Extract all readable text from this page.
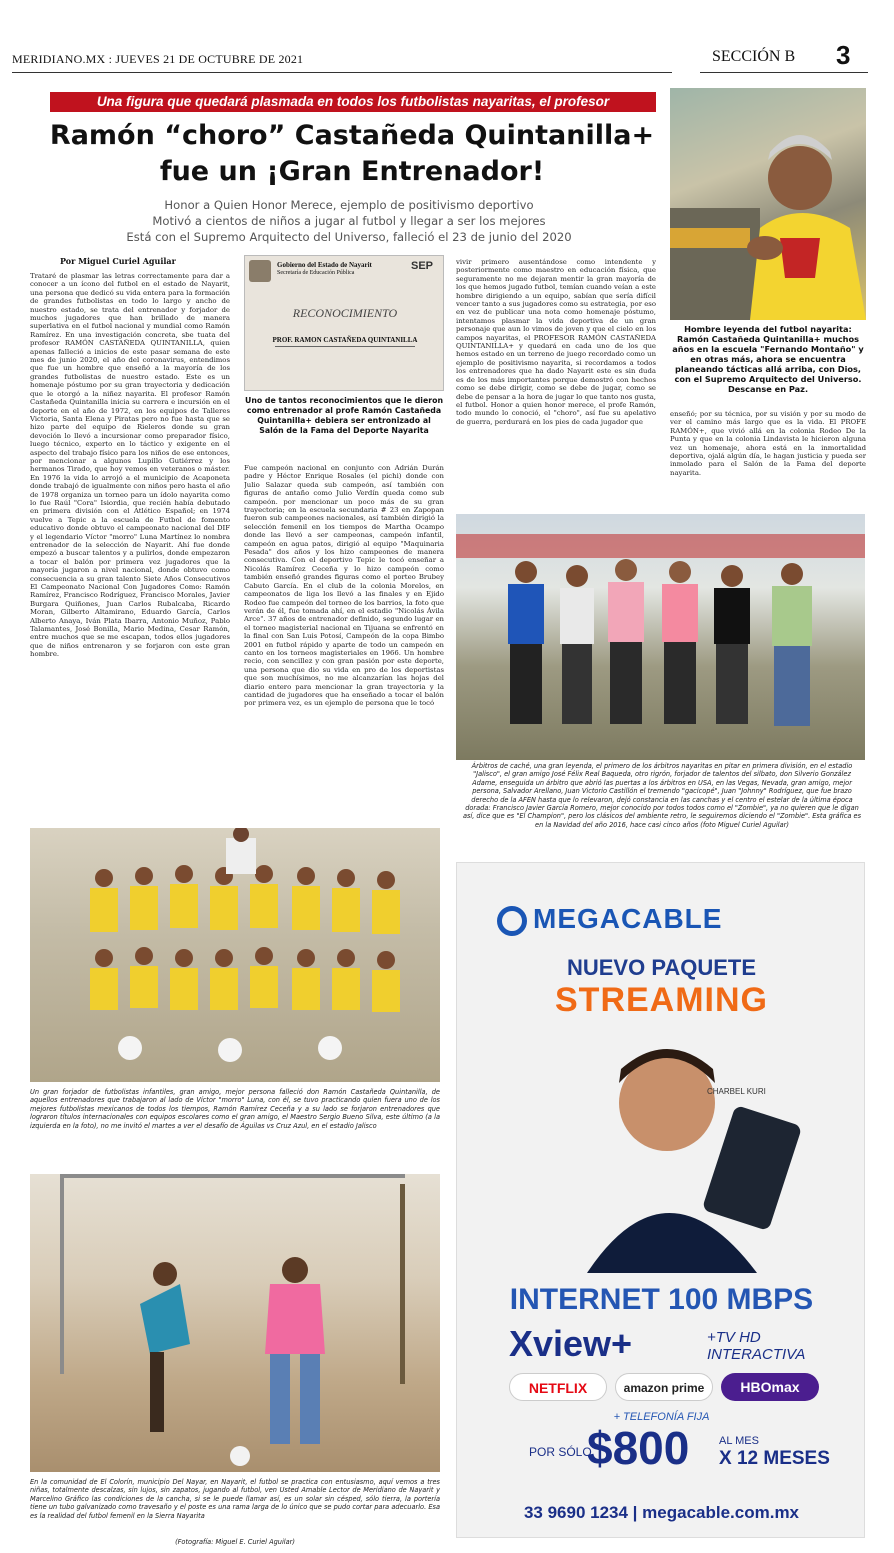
MERIDIANO.MX : JUEVES 21 DE OCTUBRE DE 2021	SECCIÓN B 3
Una figura que quedará plasmada en todos los futbolistas nayaritas, el profesor
Ramón “choro” Castañeda Quintanilla+
fue un ¡Gran Entrenador!
Honor a Quien Honor Merece, ejemplo de positivismo deportivo
Motivó a cientos de niños a jugar al futbol y llegar a ser los mejores
Está con el Supremo Arquitecto del Universo, falleció el 23 de junio del 2020
Hombre leyenda del futbol nayarita: Ramón Castañeda Quintanilla+ muchos años en la escuela "Fernando Montaño" y en otras más, ahora se encuentra planeando tácticas allá arriba, con Dios, con el Supremo Arquitecto del Universo. Descanse en Paz.
Por Miguel Curiel Aguilar
Trataré de plasmar las letras correctamente para dar a conocer a un ícono del futbol en el estado de Nayarit, una persona que dedicó su vida entera para la formación de grandes futbolistas en todo lo largo y ancho de nuestro estado, se trata del entrenador y forjador de muchos jugadores que han brillado de manera superlativa en el futbol nacional y mundial como Ramón Ramírez. En una investigación concreta, sbe tuata del profesor RAMÓN CASTAÑEDA QUINTANILLA, quien apenas falleció a inicios de este pasar semana de este mes de junio 2020, el año del coronavirus, entendimos que fue un hombre que enseñó a la mayoría de los grandes futbolistas de nuestro estado. Este es un homenaje póstumo por su gran trayectoria y dedicación que le otorgó a la niñez nayarita. El profesor Ramón Castañeda Quintanilla inicia su carrera e incursión en el deporte en el año de 1972, en los equipos de Talleres Victoria, Santa Elena y Piratas pero no fue hasta que se hizo parte del equipo de Rieleros donde su gran devoción lo llevó a incursionar como preparador físico, luego técnico, experto en lo táctico y exigente en el aspecto del trabajo físico para los niños de ese entonces, por mencionar a algunos Lupillo Gutiérrez y los hermanos Tirado, que hoy vemos en veteranos o máster. En 1976 la vida lo arrojó a el municipio de Acaponeta donde trabajó de igualmente con niños pero hasta el año de 1978 organiza un torneo para un ídolo nayarita como lo fue Raúl "Cora" Isiordia, que recién había debutado en primera división con el Atlético Español; en 1974 vuelve a Tepic a la escuela de Futbol de fomento educativo donde obtuvo el campeonato nacional del DIF y el legendario Víctor "morro" Luna Martínez lo nombra entrenador de la selección de Nayarit. Ahí fue donde empezó a buscar talentos y a pulirlos, donde empezaron a tocar el balón por primera vez jugadores que la mayoría jugaron a nivel nacional, donde obtuvo como consecuencia a su gran talento Siete Años Consecutivos El Campeonato Nacional Con Jugadores Como: Ramón Ramírez, Francisco Rodríguez, Francisco Morales, Javier Burgara Quiñones, Juan Carlos Rubalcaba, Ricardo Moran, Gilberto Altamirano, Eduardo García, Carlos Alberto Anaya, Iván Plata Ibarra, Antonio Muñoz, Pablo Talamantes, José Bonilla, Mario Medina, Cesar Ramón, entre muchos que se me escapan, todos ellos jugadores que de niños entrenaron y se forjaron con este gran hombre.
Gobierno del Estado de Nayarit
Secretaría de Educación Pública
SEP
RECONOCIMIENTO
PROF. RAMON CASTAÑEDA QUINTANILLA
Uno de tantos reconocimientos que le dieron como entrenador al profe Ramón Castañeda Quintanilla+ debiera ser entronizado al Salón de la Fama del Deporte Nayarita
Fue campeón nacional en conjunto con Adrián Durán padre y Héctor Enrique Rosales (el pichi) donde con Julio Salazar queda sub campeón, así también con figuras de antaño como Julio Verdín queda como sub campeón. por mencionar un poco más de su gran trayectoria; en la escuela secundaria # 23 en Zapopan fueron sub campeones nacionales, así también dirigió la selección femenil en los tiempos de Martha Ocampo donde las llevó a ser campeonas, campeón infantil, campeón en agua patos, dirigió al equipo "Maquinaria Pesada" dos años y los hizo campeones de manera consecutiva. Con el deportivo Tepic le tocó enseñar a Nicolás Ramírez Ceceña y lo hizo campeón como también enseñó grandes figuras como el porteo Brubey Cabuto García. En el club de la colonia Morelos, en campeonatos de liga los llevó a las finales y en Ejido Rodeo fue campeón del torneo de los barrios, la foto que verán de él, fue tomada ahí, en el estadio "Nicolás Ávila Arce". 37 años de entrenador definido, segundo lugar en el torneo magisterial nacional en Tijuana se enfrentó en la final con San Luis Potosí, Campeón de la copa Bimbo 2001 en futbol rápido y aparte de todo un campeón en canto en los torneos magisteriales en 1966. Un hombre recio, con sencillez y con gran pasión por este deporte, una persona que dio su vida en pro de los deportistas que son muchísimos, no me alcanzarían las hojas del diario entero para mencionar la gran trayectoria y la cantidad de jugadores que ha enseñado a tocar el balón por primera vez, es un ejemplo de persona que le tocó
vivir primero ausentándose como intendente y posteriormente como maestro en educación física, que seguramente no me dejaran mentir la gran mayoría de los que hemos jugado futbol, temían cuando veían a este hombre dirigiendo a un equipo, sabían que sería difícil vencer tanto a sus jugadores como su estrategia, por eso en vez de publicar una nota como homenaje póstumo, intentamos plasmar la vida deportiva de un gran personaje que aun lo vimos de joven y que el cielo en los campos nayaritas, el PROFESOR RAMÓN CASTAÑEDA QUINTANILLA+ y quedará en cada uno de los que hemos estado en un terreno de juego recordado como un ejemplo de positivismo nayarita, si recordamos a todos los entrenadores que ha dado Nayarit este es sin duda es de los más importantes porque demostró con hechos como se debe dirigir, como se debe de jugar, como se debe de pensar a la hora de jugar lo que tanto nos gusta, el futbol. Honor a quien honor merece, el profe Ramón, todo mundo lo conoció, el "choro", así fue su apelativo de guerra, perdurará en los pies de cada jugador que
enseñó; por su técnica, por su visión y por su modo de ver el camino más largo que es la vida. El PROFE RAMÓN+, que vivió allá en la colonia Rodeo De la Punta y que en la colonia Lindavista le hicieron alguna vez un homenaje, ahora está en la inmortalidad deportiva, ojalá algún día, le hagan justicia y pueda ser inmolado para el Salón de la Fama del deporte nayarita.
Árbitros de caché, una gran leyenda, el primero de los árbitros nayaritas en pitar en primera división, en el estadio "Jalisco", el gran amigo José Félix Real Baqueda, otro rigrón, forjador de talentos del silbato, don Silverio González Adame, enseguida un árbitro que abrió las puertas a los árbitros en USA, en las Vegas, Nevada, gran amigo, mejor persona, Salvador Arellano, Juan Victorio Castillón el tremendo "gacicopé", Juan "Johnny" Rodríguez, que fue brazo derecho de la AFEN hasta que lo relevaron, dejó constancia en las canchas y el centro el estelar de la última época dorada: Francisco Javier García Romero, mejor conocido por todos todos como el "Zombie", ya no quieren que le digan así, dice que es "El Champion", pero los clásicos del ambiente retro, le seguiremos diciendo el "Zombie". Esta gráfica es en la Navidad del año 2016, hace casi cinco años (foto Miguel Curiel Aguilar)
Un gran forjador de futbolistas infantiles, gran amigo, mejor persona falleció don Ramón Castañeda Quintanilla, de aquellos entrenadores que trabajaron al lado de Víctor "morro" Luna, con él, se tuvo practicando quien fuera uno de los mejores futbolistas mexicanos de todos los tiempos, Ramón Ramírez Ceceña y a su lado se forjaron entrenadores que lograron títulos internacionales con equipos escolares como el gran amigo, el Maestro Sergio Bueno Silva, este último (a la izquierda en la foto), no me invitó el martes a ver el desafío de Águilas vs Cruz Azul, en el estadio Jalisco
En la comunidad de El Colorín, municipio Del Nayar, en Nayarit, el futbol se practica con entusiasmo, aquí vemos a tres niñas, totalmente descalzas, sin lujos, sin zapatos, jugando al futbol, ven Usted Amable Lector de Meridiano de Nayarit y Marcelino Gráfico las condiciones de la cancha, si se le puede llamar así, es un solar sin césped, sólo tierra, la portería tiene un tubo galvanizado como travesaño y el poste es una rama larga de lo único que se pudo cortar para adecuarlo. Esa es la realidad del futbol femenil en la Sierra Nayarita
(Fotografía: Miguel E. Curiel Aguilar)
MEGACABLE
NUEVO PAQUETE
STREAMING
CHARBEL KURI
INTERNET 100 MBPS
Xview+	+TV HD INTERACTIVA
NETFLIX	amazon prime	HBOmax
+ TELEFONÍA FIJA
POR SÓLO
$800	AL MES
X 12 MESES
33 9690 1234 | megacable.com.mx
